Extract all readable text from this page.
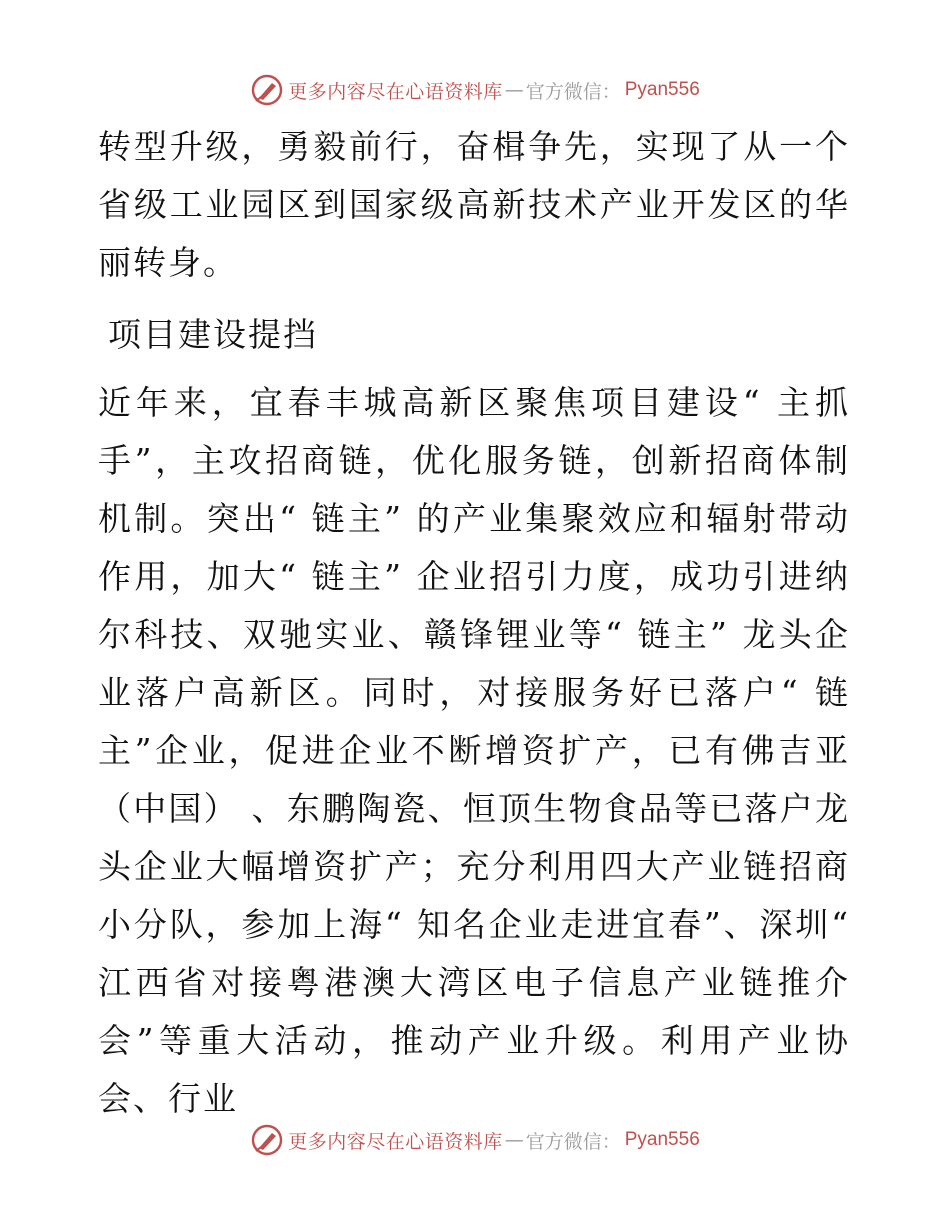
更多内容尽在心语资料库 — 官方微信： Pyan556

转型升级，勇毅前行，奋楫争先，实现了从一个省级工业园区到国家级高新技术产业开发区的华丽转身。

项目建设提挡

近年来，宜春丰城高新区聚焦项目建设“ 主抓手”，主攻招商链，优化服务链，创新招商体制机制。突出“ 链主” 的产业集聚效应和辐射带动作用，加大“ 链主” 企业招引力度，成功引进纳尔科技、双驰实业、赣锋锂业等“ 链主” 龙头企业落户高新区。同时，对接服务好已落户“ 链主”企业，促进企业不断增资扩产，已有佛吉亚（中国） 、东鹏陶瓷、恒顶生物食品等已落户龙头企业大幅增资扩产；充分利用四大产业链招商小分队，参加上海“ 知名企业走进宜春”、深圳“ 江西省对接粤港澳大湾区电子信息产业链推介会”等重大活动，推动产业升级。利用产业协会、行业

更多内容尽在心语资料库 — 官方微信： Pyan556
